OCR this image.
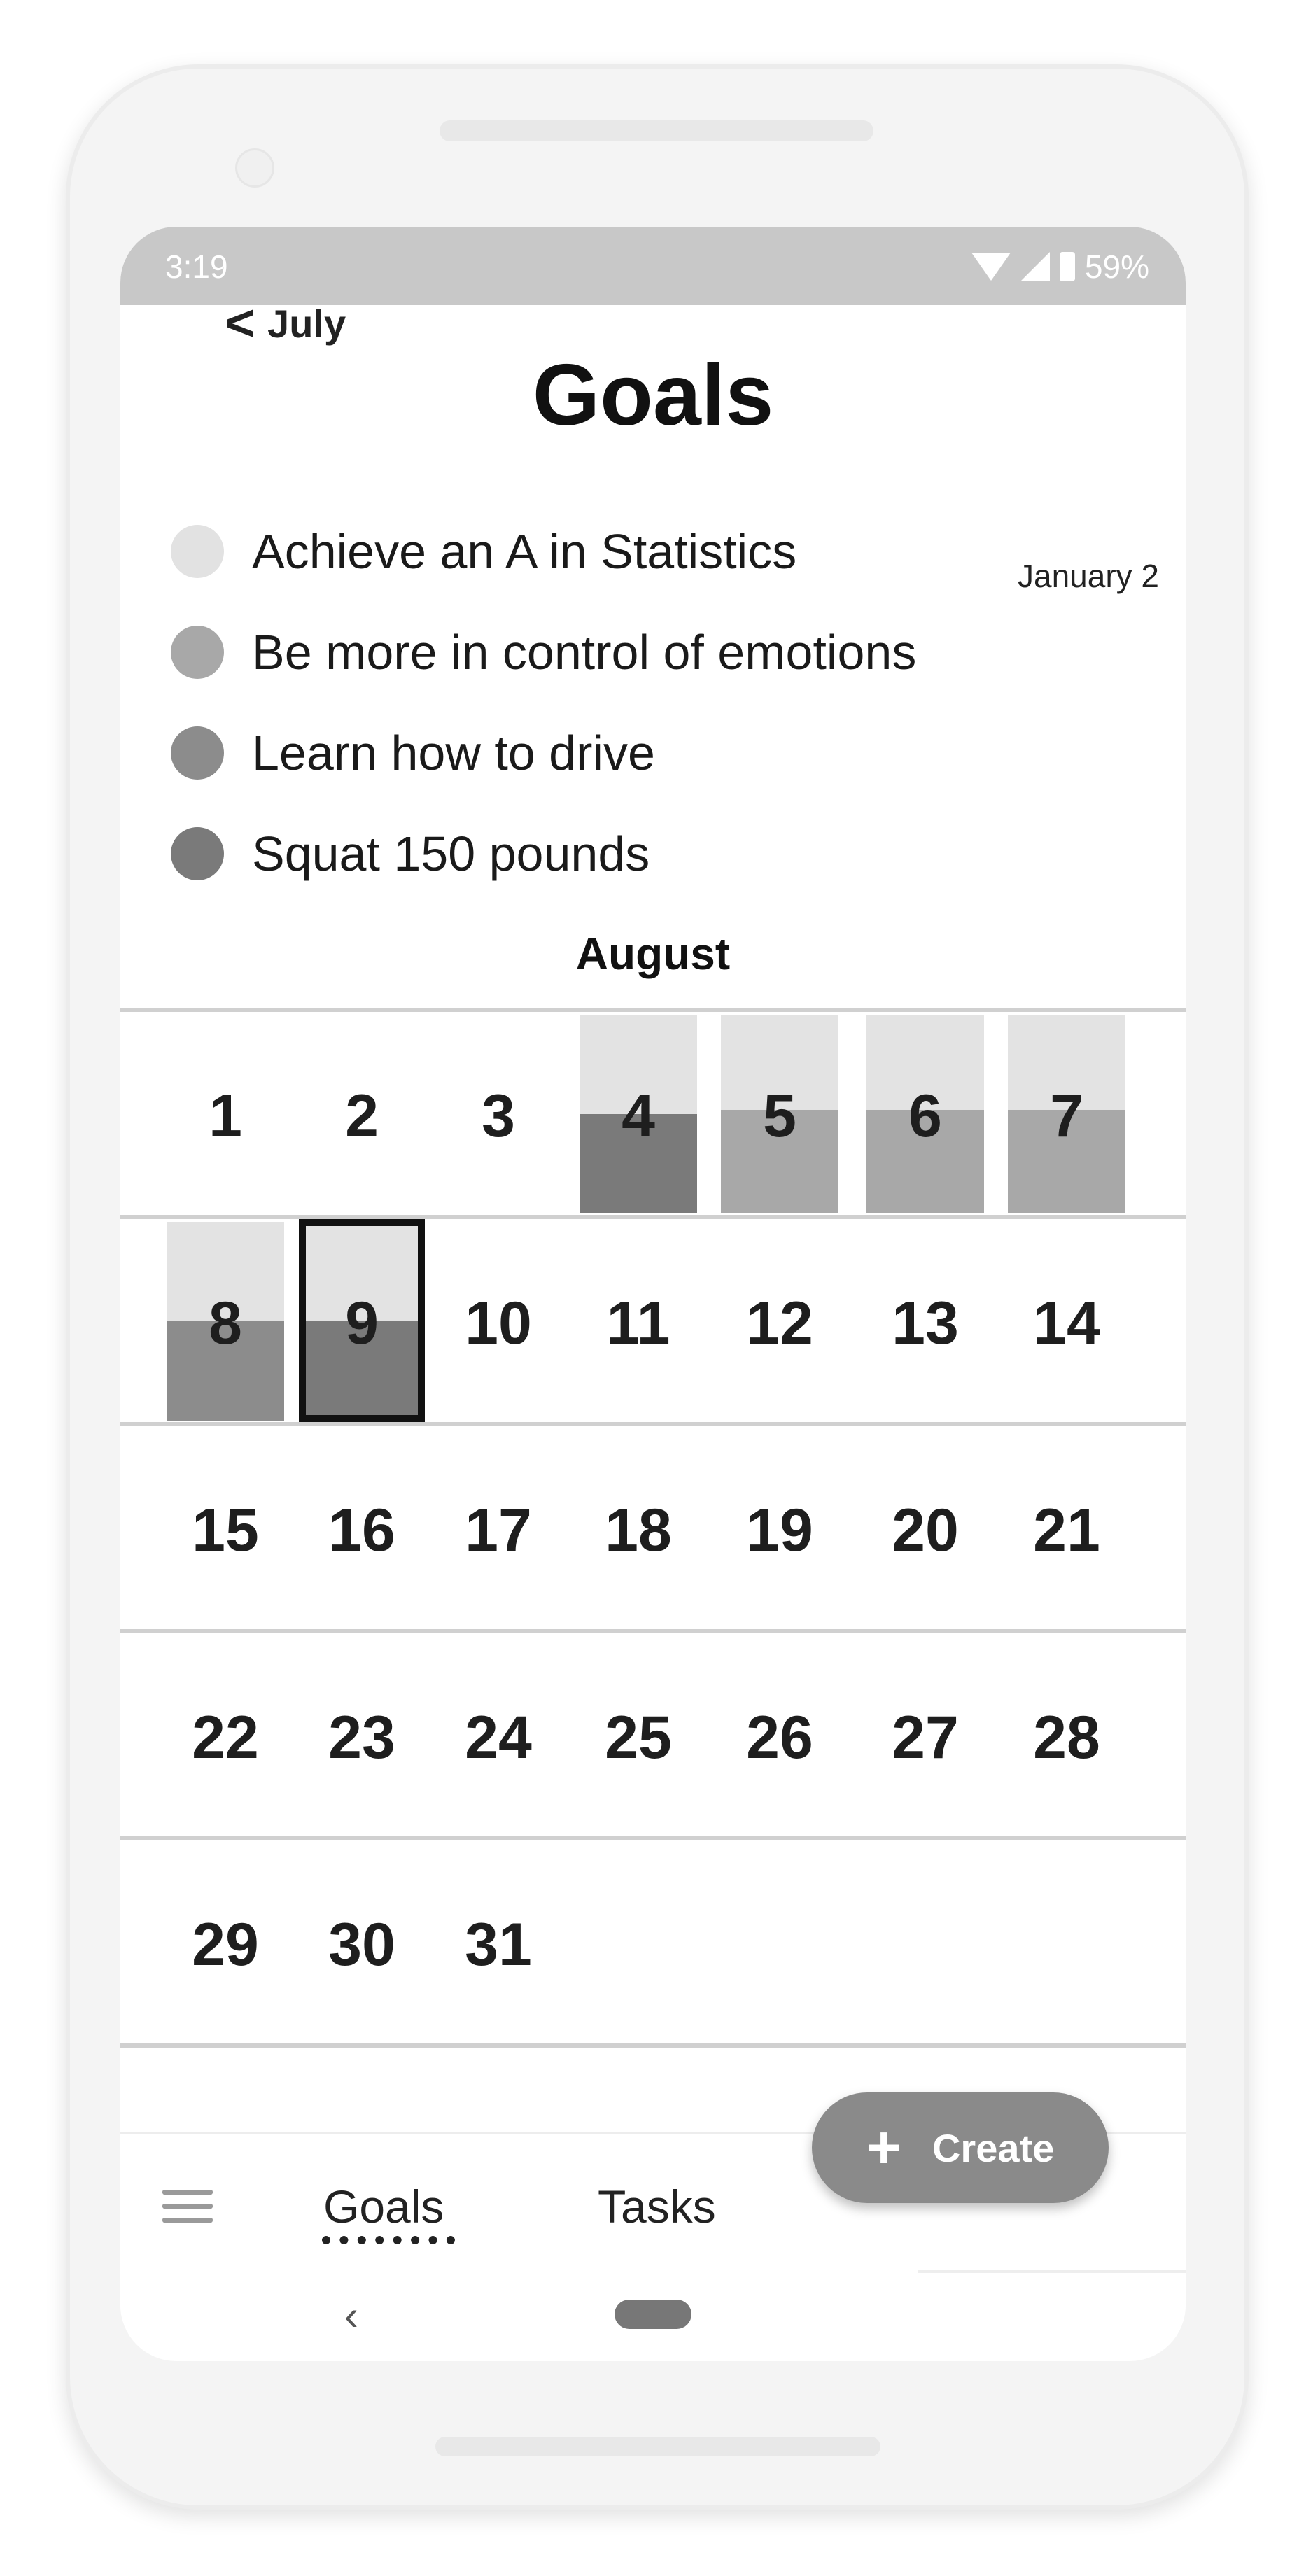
3:19	59%
< July
Goals
Achieve an A in Statistics
Be more in control of emotions
Learn how to drive
Squat 150 pounds
January 2
August
1	2	3	4	5	6	7
8	9	10	11	12	13	14
15	16	17	18	19	20	21
22	23	24	25	26	27	28
29	30	31
Goals	Tasks
+ Create
‹
